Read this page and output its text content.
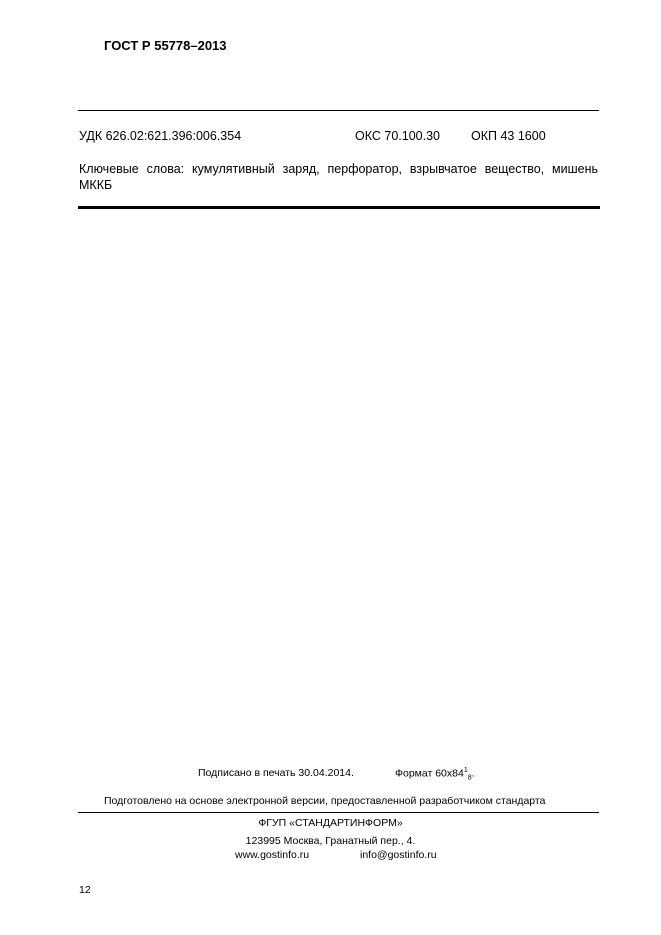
ГОСТ Р 55778–2013
УДК 626.02:621.396:006.354	ОКС 70.100.30 ОКП 43 1600
Ключевые слова: кумулятивный заряд, перфоратор, взрывчатое вещество, мишень МККБ
Подписано в печать 30.04.2014.	Формат $60х84^1_8$.
Подготовлено на основе электронной версии, предоставленной разработчиком стандарта
ФГУП «СТАНДАРТИНФОРМ»
123995 Москва, Гранатный пер., 4.
www.gostinfo.ru	info@gostinfo.ru
12
